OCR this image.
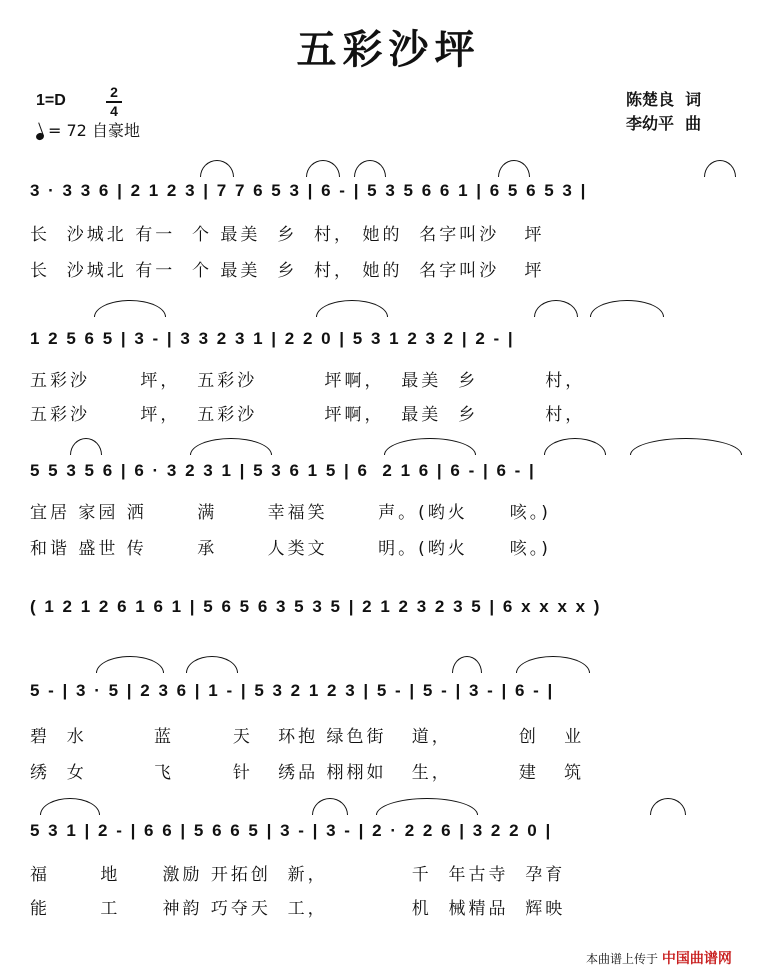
五彩沙坪
1=D	2
4
= 72 自豪地
陈楚良  词
李幼平  曲
3 · 3 3 6 | 2 1 2 3 | 7 7 6 5 3 | 6 - | 5 3 5 6 6 1 | 6 5 6 5 3 |
长  沙城北 有一  个 最美  乡  村， 她的  名字叫沙   坪
长  沙城北 有一  个 最美  乡  村， 她的  名字叫沙   坪
1 2 5 6 5 | 3 - | 3 3 2 3 1 | 2 2 0 | 5 3 1 2 3 2 | 2 - |
五彩沙      坪，  五彩沙        坪啊，  最美  乡        村，
五彩沙      坪，  五彩沙        坪啊，  最美  乡        村，
5 5 3 5 6 | 6 · 3 2 3 1 | 5 3 6 1 5 | 6  2 1 6 | 6 - | 6 - |
宜居 家园 洒      满      幸福笑      声。(哟火     咳。)
和谐 盛世 传      承      人类文      明。(哟火     咳。)
( 1 2 1 2 6 1 6 1 | 5 6 5 6 3 5 3 5 | 2 1 2 3 2 3 5 | 6 x x x x )
5 - | 3 · 5 | 2 3 6 | 1 - | 5 3 2 1 2 3 | 5 - | 5 - | 3 - | 6 - |
碧  水        蓝       天   环抱 绿色街   道，        创   业
绣  女        飞       针   绣品 栩栩如   生，        建   筑
5 3 1 | 2 - | 6 6 | 5 6 6 5 | 3 - | 3 - | 2 · 2 2 6 | 3 2 2 0 |
福      地     激励 开拓创  新，          千  年古寺  孕育
能      工     神韵 巧夺天  工，          机  械精品  辉映
本曲谱上传于 中国曲谱网
